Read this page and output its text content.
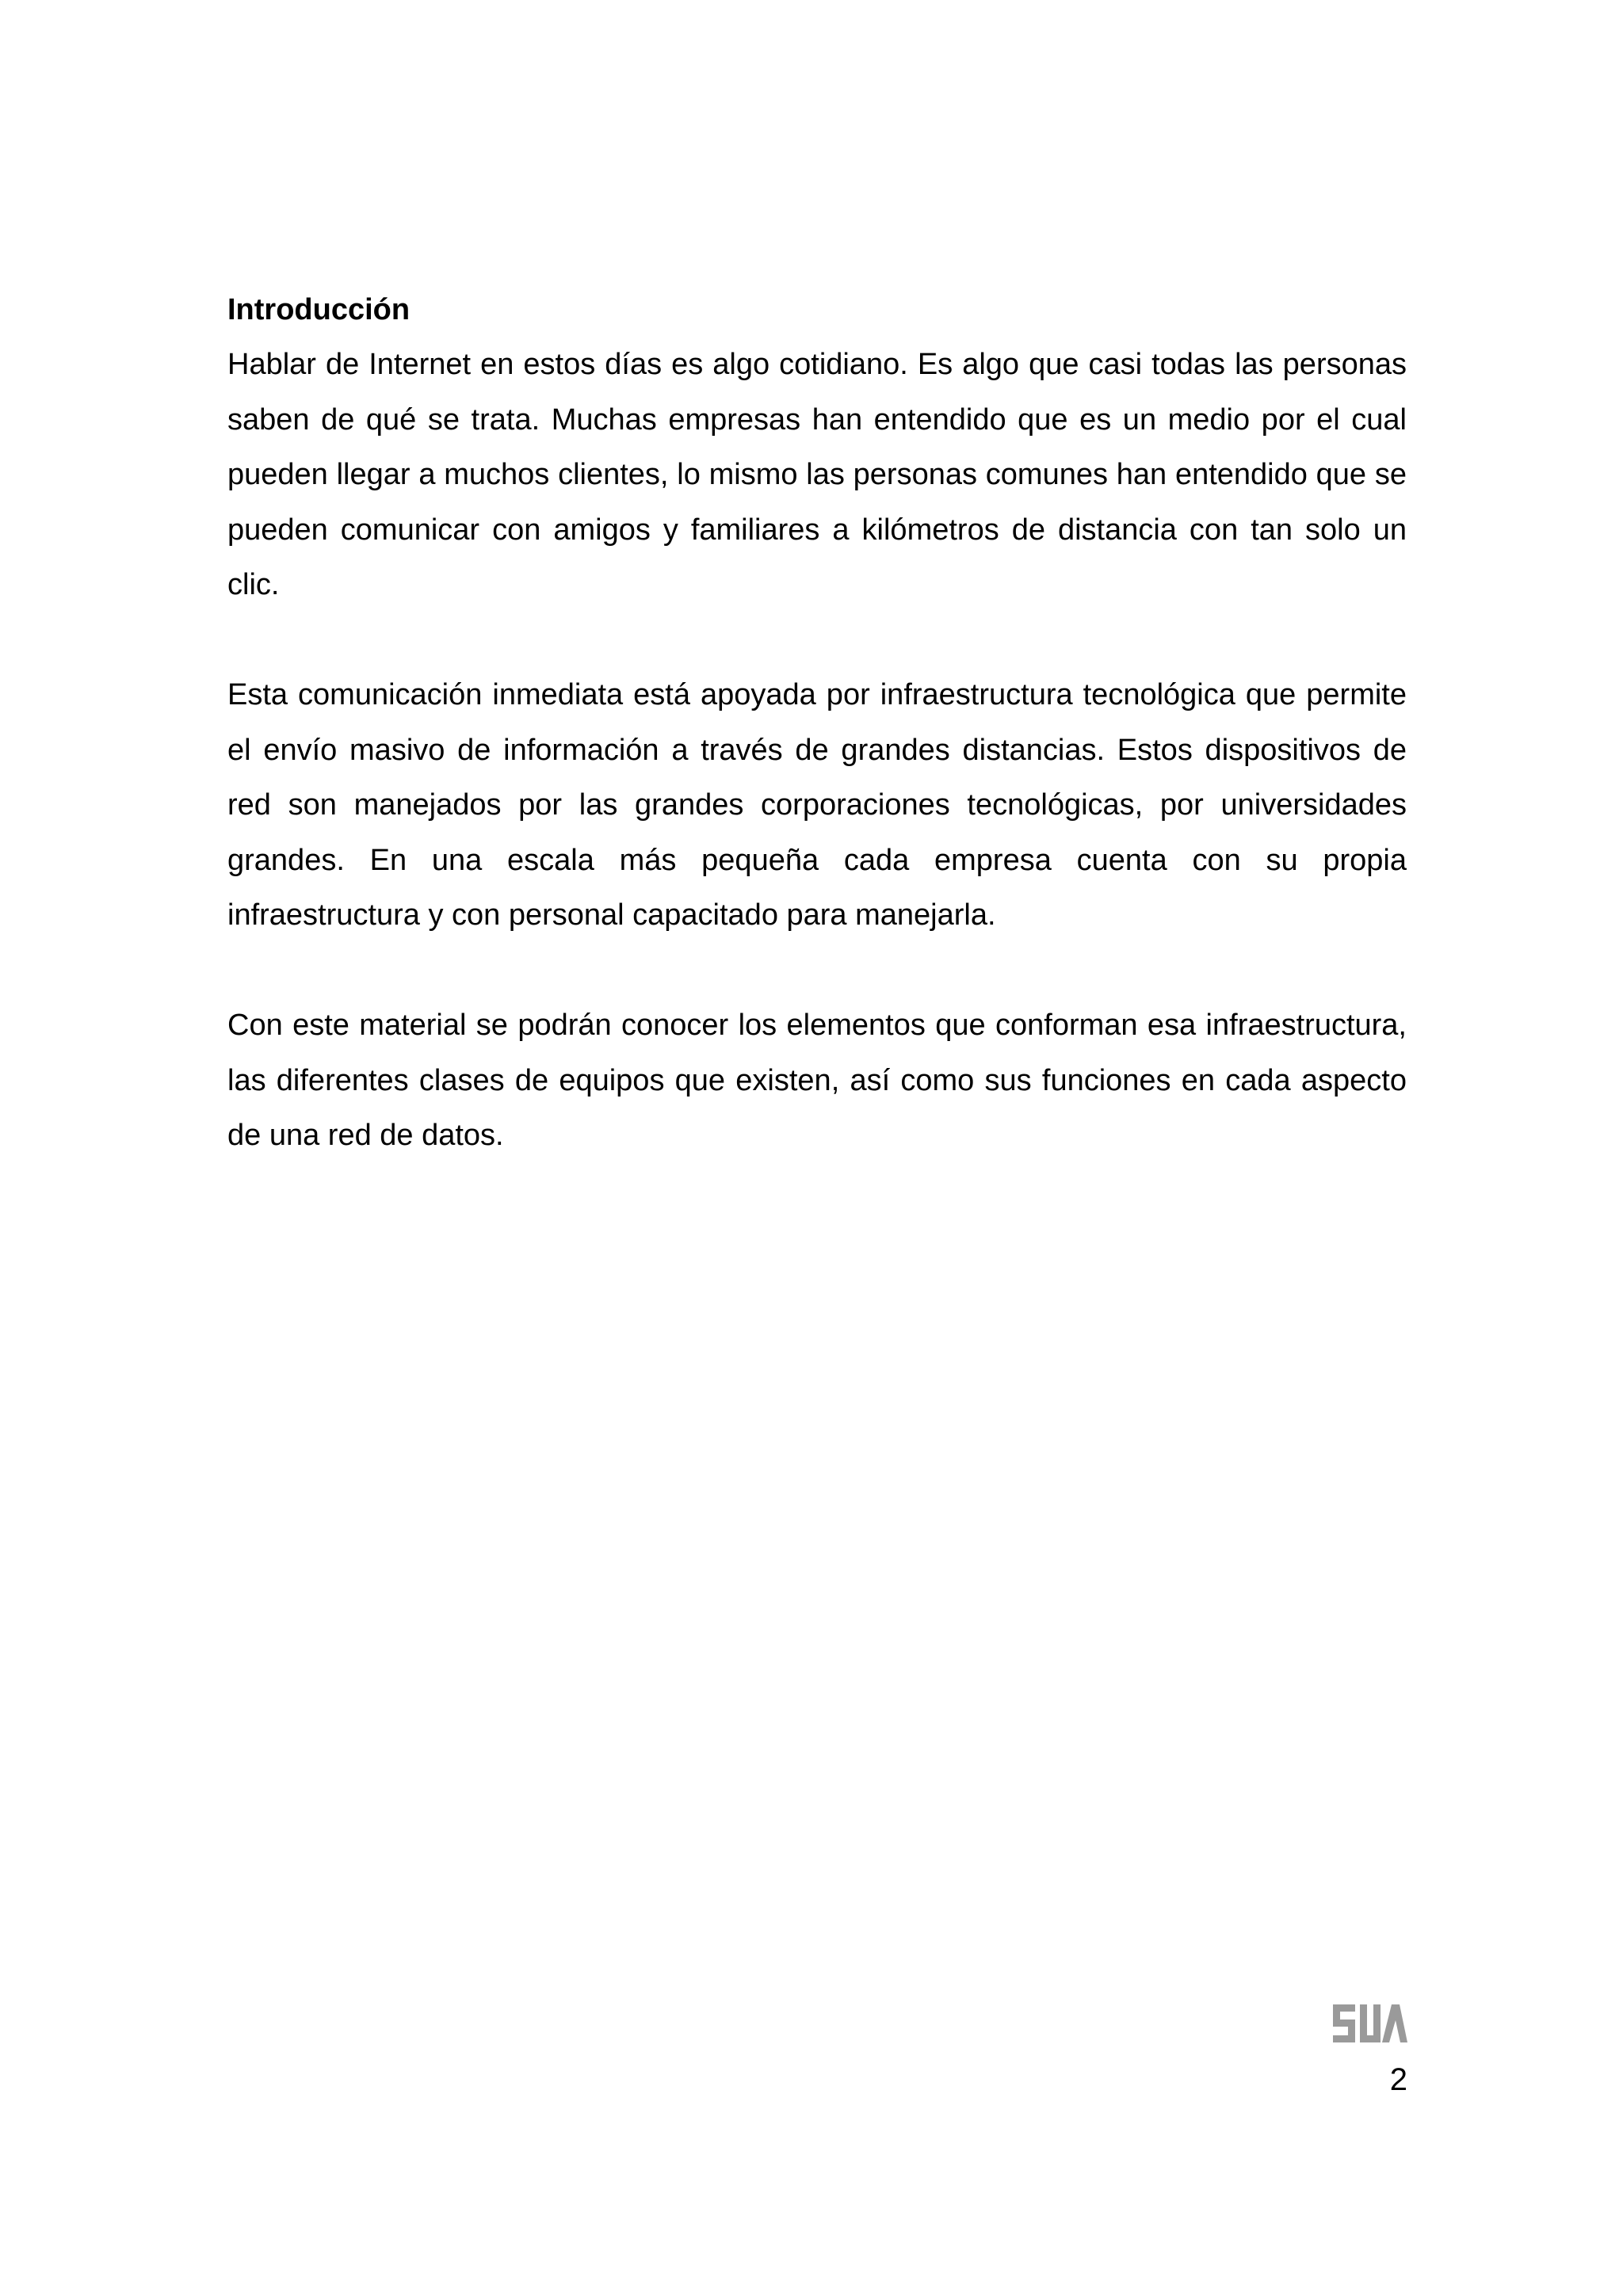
Introducción

Hablar de Internet en estos días es algo cotidiano. Es algo que casi todas las personas saben de qué se trata. Muchas empresas han entendido que es un medio por el cual pueden llegar a muchos clientes, lo mismo las personas comunes han entendido que se pueden comunicar con amigos y familiares a kilómetros de distancia con tan solo un clic.

Esta comunicación inmediata está apoyada por infraestructura tecnológica que permite el envío masivo de información a través de grandes distancias. Estos dispositivos de red son manejados por las grandes corporaciones tecnológicas, por universidades grandes. En una escala más pequeña cada empresa cuenta con su propia infraestructura y con personal capacitado para manejarla.

Con este material se podrán conocer los elementos que conforman esa infraestructura, las diferentes clases de equipos que existen, así como sus funciones en cada aspecto de una red de datos.

2
